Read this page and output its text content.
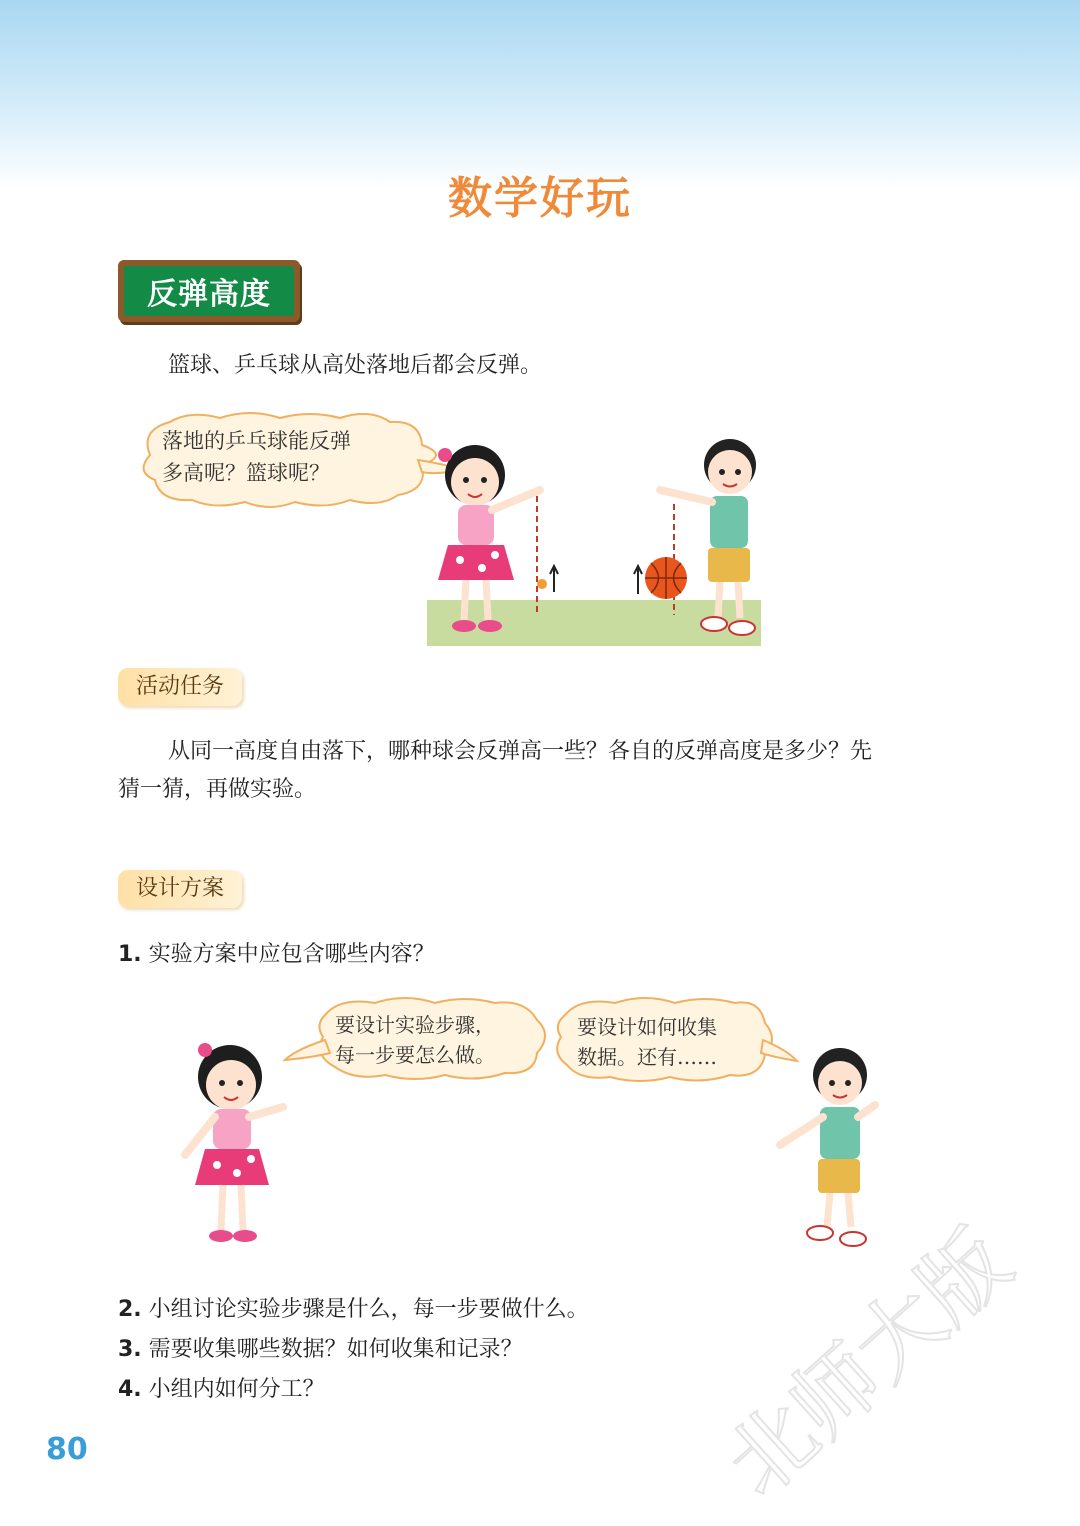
数学好玩
反弹高度
篮球、乒乓球从高处落地后都会反弹。
落地的乒乓球能反弹
多高呢？篮球呢？
活动任务
从同一高度自由落下，哪种球会反弹高一些？各自的反弹高度是多少？先
猜一猜，再做实验。
设计方案
1. 实验方案中应包含哪些内容？
要设计实验步骤，
每一步要怎么做。
要设计如何收集
数据。还有……
2. 小组讨论实验步骤是什么，每一步要做什么。
3. 需要收集哪些数据？如何收集和记录？
4. 小组内如何分工？
80	北师大版
